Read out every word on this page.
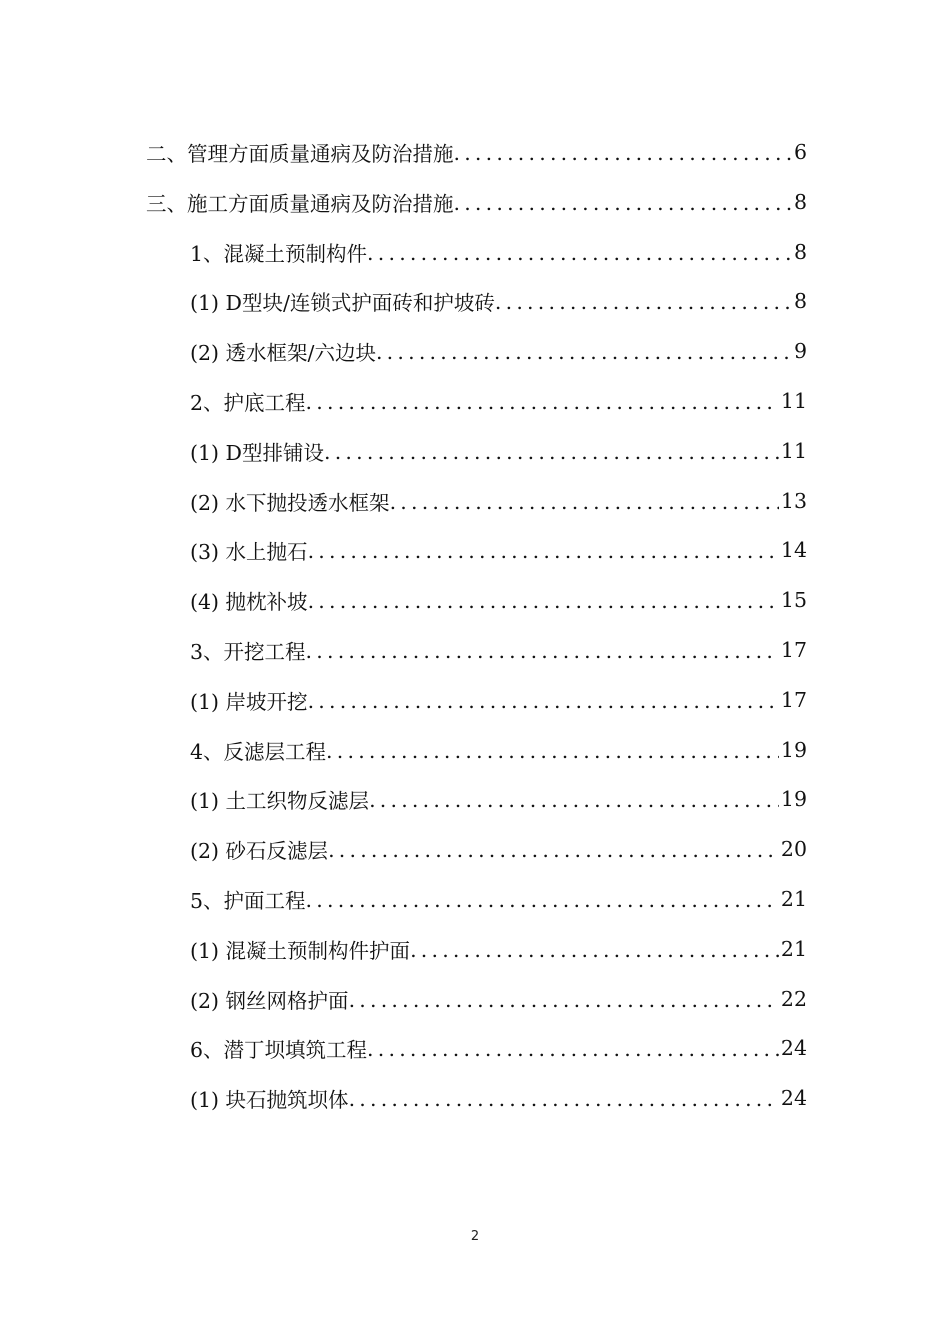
二、管理方面质量通病及防治措施 .....	6
三、施工方面质量通病及防治措施 .....	8
1、混凝土预制构件 .....	8
(1) D型块/连锁式护面砖和护坡砖 .....	8
(2) 透水框架/六边块 .....	9
2、护底工程 .....	11
(1) D型排铺设 .....	11
(2) 水下抛投透水框架 .....	13
(3) 水上抛石 .....	14
(4) 抛枕补坡 .....	15
3、开挖工程 .....	17
(1) 岸坡开挖 .....	17
4、反滤层工程 .....	19
(1) 土工织物反滤层 .....	19
(2) 砂石反滤层 .....	20
5、护面工程 .....	21
(1) 混凝土预制构件护面 .....	21
(2) 钢丝网格护面 .....	22
6、潜丁坝填筑工程 .....	24
(1) 块石抛筑坝体 .....	24
2
